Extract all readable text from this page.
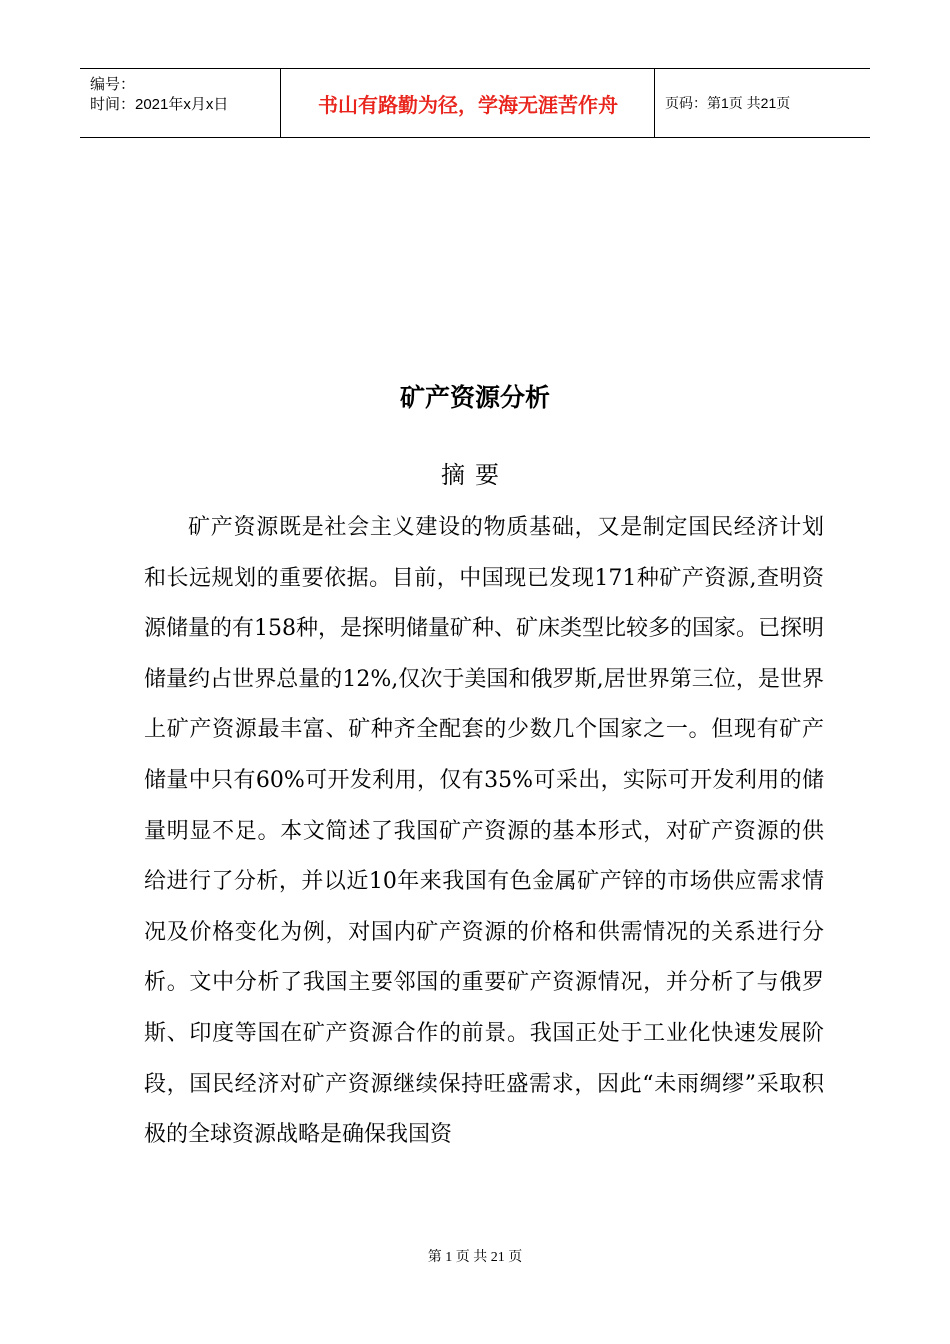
编号：
时间：2021年x月x日	书山有路勤为径，学海无涯苦作舟	页码：第1页 共21页
矿产资源分析
摘要

矿产资源既是社会主义建设的物质基础，又是制定国民经济计划和长远规划的重要依据。目前，中国现已发现171种矿产资源,查明资源储量的有158种，是探明储量矿种、矿床类型比较多的国家。已探明储量约占世界总量的12%,仅次于美国和俄罗斯,居世界第三位，是世界上矿产资源最丰富、矿种齐全配套的少数几个国家之一。但现有矿产储量中只有60%可开发利用，仅有35%可采出，实际可开发利用的储量明显不足。本文简述了我国矿产资源的基本形式，对矿产资源的供给进行了分析，并以近10年来我国有色金属矿产锌的市场供应需求情况及价格变化为例，对国内矿产资源的价格和供需情况的关系进行分析。文中分析了我国主要邻国的重要矿产资源情况，并分析了与俄罗斯、印度等国在矿产资源合作的前景。我国正处于工业化快速发展阶段，国民经济对矿产资源继续保持旺盛需求，因此“未雨绸缪”采取积极的全球资源战略是确保我国资

第 1 页 共 21 页
